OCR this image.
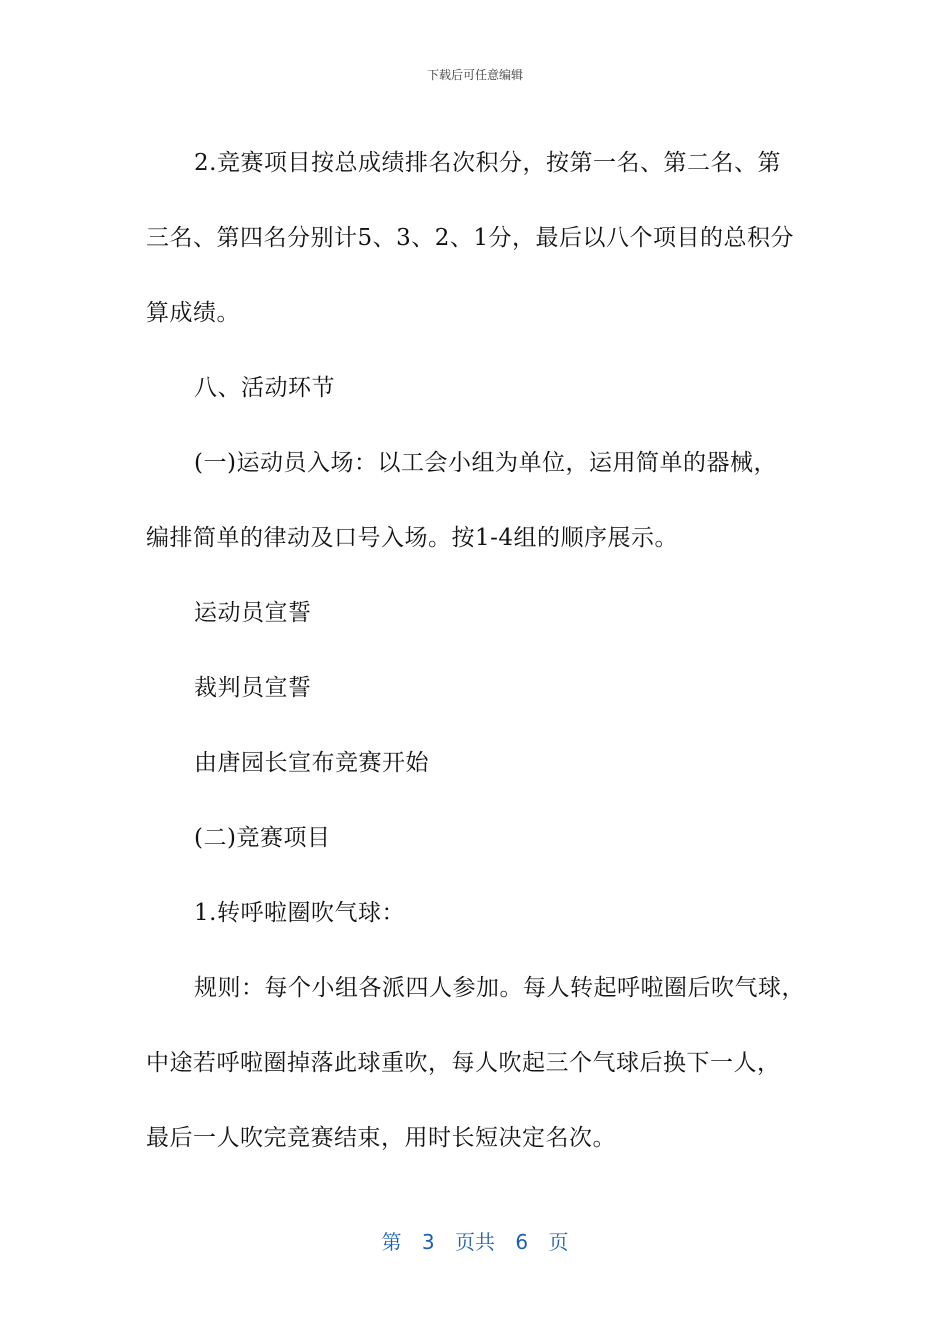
下载后可任意编辑

2.竞赛项目按总成绩排名次积分，按第一名、第二名、第

三名、第四名分别计5、3、2、1分，最后以八个项目的总积分

算成绩。

八、活动环节

(一)运动员入场：以工会小组为单位，运用简单的器械，

编排简单的律动及口号入场。按1-4组的顺序展示。

运动员宣誓

裁判员宣誓

由唐园长宣布竞赛开始

(二)竞赛项目

1.转呼啦圈吹气球：

规则：每个小组各派四人参加。每人转起呼啦圈后吹气球，

中途若呼啦圈掉落此球重吹，每人吹起三个气球后换下一人，

最后一人吹完竞赛结束，用时长短决定名次。

第 3 页共 6 页
